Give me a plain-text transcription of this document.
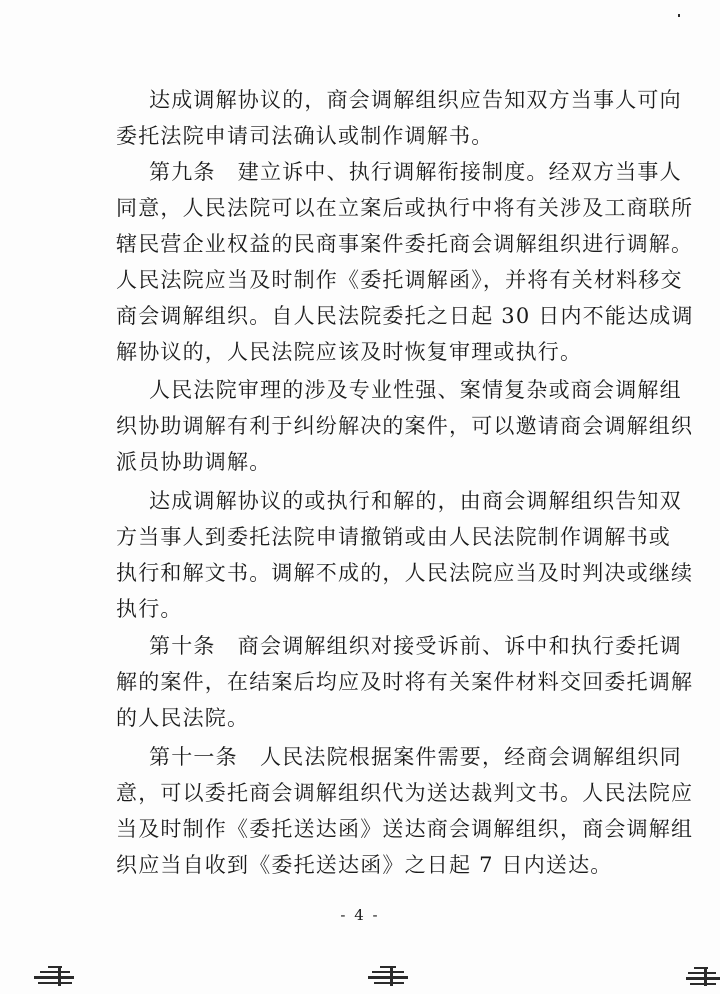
达成调解协议的，商会调解组织应告知双方当事人可向
委托法院申请司法确认或制作调解书。
第九条　建立诉中、执行调解衔接制度。经双方当事人
同意，人民法院可以在立案后或执行中将有关涉及工商联所
辖民营企业权益的民商事案件委托商会调解组织进行调解。
人民法院应当及时制作《委托调解函》，并将有关材料移交
商会调解组织。自人民法院委托之日起 30 日内不能达成调
解协议的，人民法院应该及时恢复审理或执行。
人民法院审理的涉及专业性强、案情复杂或商会调解组
织协助调解有利于纠纷解决的案件，可以邀请商会调解组织
派员协助调解。
达成调解协议的或执行和解的，由商会调解组织告知双
方当事人到委托法院申请撤销或由人民法院制作调解书或
执行和解文书。调解不成的，人民法院应当及时判决或继续
执行。
第十条　商会调解组织对接受诉前、诉中和执行委托调
解的案件，在结案后均应及时将有关案件材料交回委托调解
的人民法院。
第十一条　人民法院根据案件需要，经商会调解组织同
意，可以委托商会调解组织代为送达裁判文书。人民法院应
当及时制作《委托送达函》送达商会调解组织，商会调解组
织应当自收到《委托送达函》之日起 7 日内送达。
- 4 -
